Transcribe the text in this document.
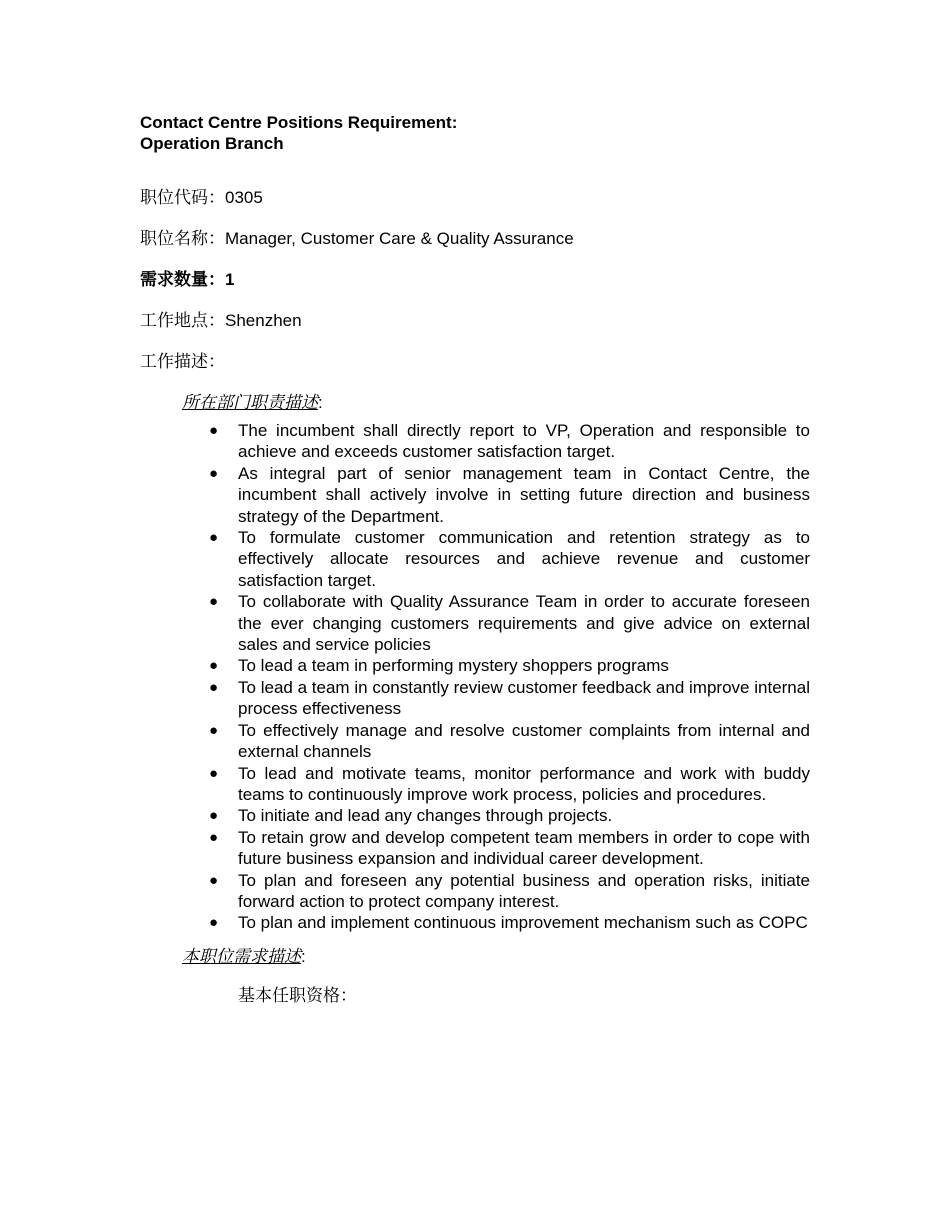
Contact Centre Positions Requirement:
Operation Branch
职位代码：0305
职位名称：Manager, Customer Care & Quality Assurance
需求数量：1
工作地点：Shenzhen
工作描述：
所在部门职责描述:
● The incumbent shall directly report to VP, Operation and responsible to achieve and exceeds customer satisfaction target.
● As integral part of senior management team in Contact Centre, the incumbent shall actively involve in setting future direction and business strategy of the Department.
● To formulate customer communication and retention strategy as to effectively allocate resources and achieve revenue and customer satisfaction target.
● To collaborate with Quality Assurance Team in order to accurate foreseen the ever changing customers requirements and give advice on external sales and service policies
● To lead a team in performing mystery shoppers programs
● To lead a team in constantly review customer feedback and improve internal process effectiveness
● To effectively manage and resolve customer complaints from internal and external channels
● To lead and motivate teams, monitor performance and work with buddy teams to continuously improve work process, policies and procedures.
● To initiate and lead any changes through projects.
● To retain grow and develop competent team members in order to cope with future business expansion and individual career development.
● To plan and foreseen any potential business and operation risks, initiate forward action to protect company interest.
● To plan and implement continuous improvement mechanism such as COPC
本职位需求描述:
基本任职资格：
